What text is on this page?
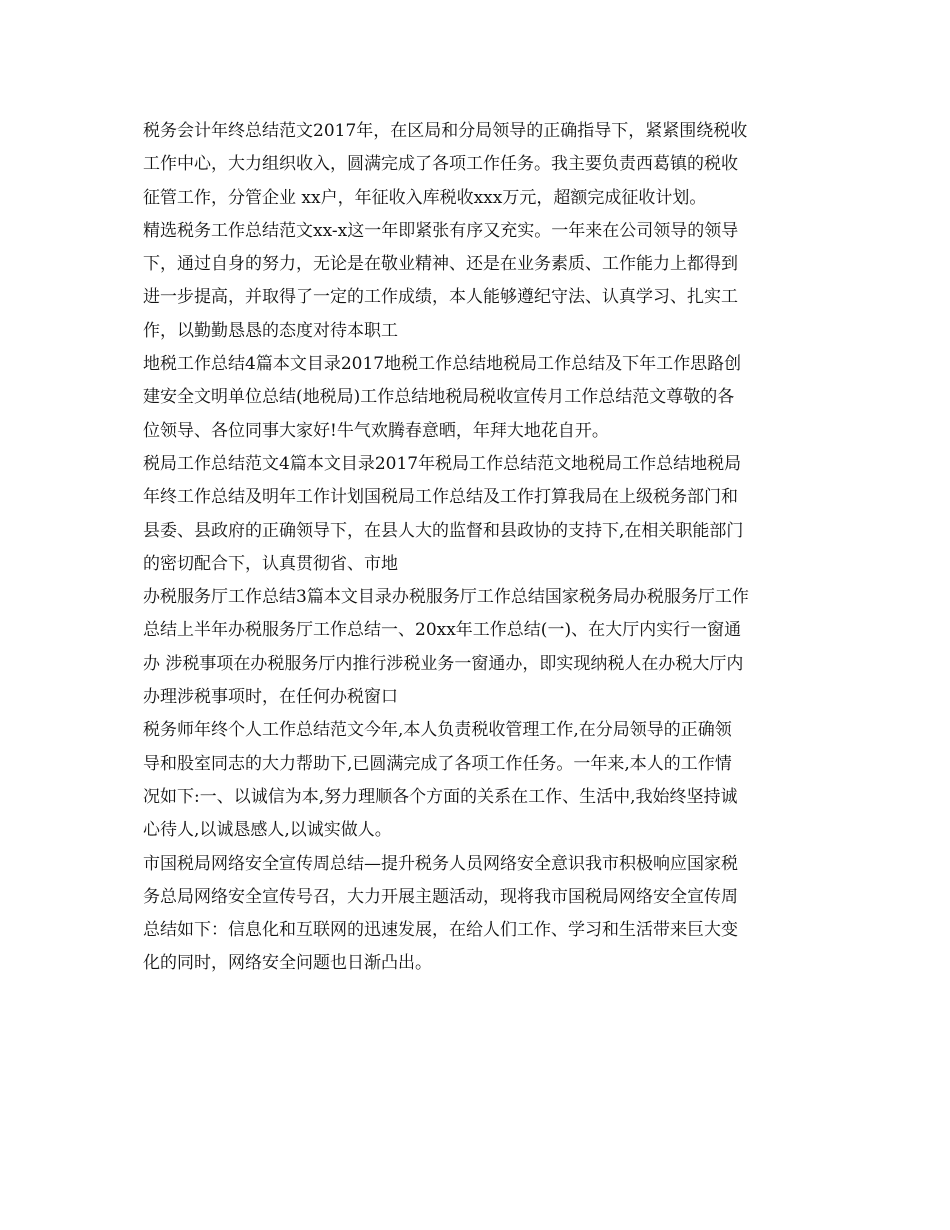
税务会计年终总结范文2017年，在区局和分局领导的正确指导下，紧紧围绕税收
工作中心，大力组织收入，圆满完成了各项工作任务。我主要负责西葛镇的税收
征管工作，分管企业 xx户，年征收入库税收xxx万元，超额完成征收计划。
精选税务工作总结范文xx-x这一年即紧张有序又充实。一年来在公司领导的领导
下，通过自身的努力，无论是在敬业精神、还是在业务素质、工作能力上都得到
进一步提高，并取得了一定的工作成绩，本人能够遵纪守法、认真学习、扎实工
作，以勤勤恳恳的态度对待本职工
地税工作总结4篇本文目录2017地税工作总结地税局工作总结及下年工作思路创
建安全文明单位总结(地税局)工作总结地税局税收宣传月工作总结范文尊敬的各
位领导、各位同事大家好!牛气欢腾春意晒，年拜大地花自开。
税局工作总结范文4篇本文目录2017年税局工作总结范文地税局工作总结地税局
年终工作总结及明年工作计划国税局工作总结及工作打算我局在上级税务部门和
县委、县政府的正确领导下，在县人大的监督和县政协的支持下,在相关职能部门
的密切配合下，认真贯彻省、市地
办税服务厅工作总结3篇本文目录办税服务厅工作总结国家税务局办税服务厅工作
总结上半年办税服务厅工作总结一、20xx年工作总结(一)、在大厅内实行一窗通
办 涉税事项在办税服务厅内推行涉税业务一窗通办，即实现纳税人在办税大厅内
办理涉税事项时，在任何办税窗口
税务师年终个人工作总结范文今年,本人负责税收管理工作,在分局领导的正确领
导和股室同志的大力帮助下,已圆满完成了各项工作任务。一年来,本人的工作情
况如下:一、以诚信为本,努力理顺各个方面的关系在工作、生活中,我始终坚持诚
心待人,以诚恳感人,以诚实做人。
市国税局网络安全宣传周总结—提升税务人员网络安全意识我市积极响应国家税
务总局网络安全宣传号召，大力开展主题活动，现将我市国税局网络安全宣传周
总结如下：信息化和互联网的迅速发展，在给人们工作、学习和生活带来巨大变
化的同时，网络安全问题也日渐凸出。
